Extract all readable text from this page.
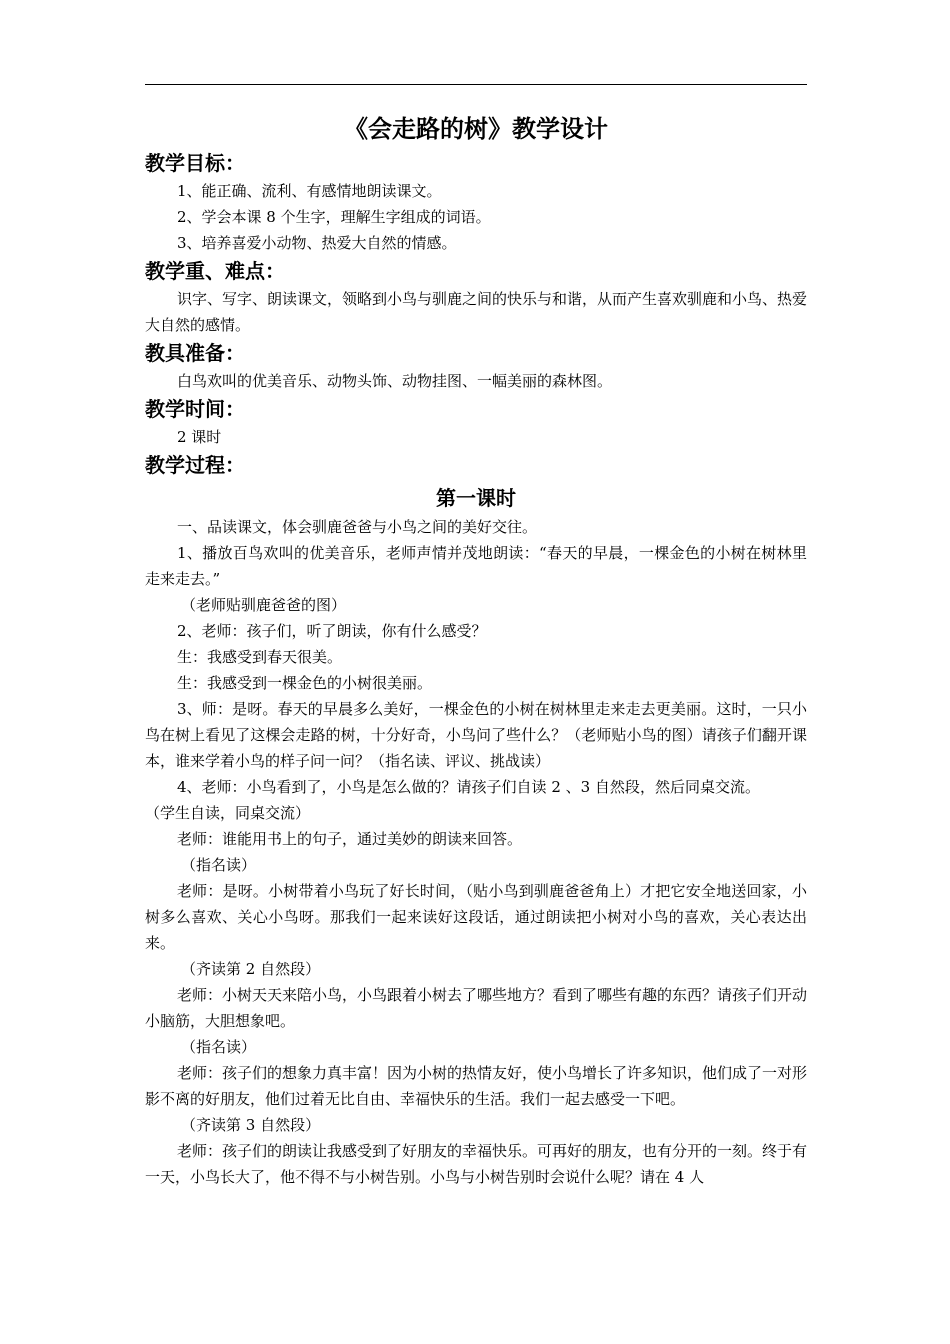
《会走路的树》教学设计
教学目标：

1、能正确、流利、有感情地朗读课文。

2、学会本课 8 个生字，理解生字组成的词语。

3、培养喜爱小动物、热爱大自然的情感。

教学重、难点：

识字、写字、朗读课文，领略到小鸟与驯鹿之间的快乐与和谐，从而产生喜欢驯鹿和小鸟、热爱大自然的感情。

教具准备：

白鸟欢叫的优美音乐、动物头饰、动物挂图、一幅美丽的森林图。

教学时间：

2 课时

教学过程：
第一课时

一、品读课文，体会驯鹿爸爸与小鸟之间的美好交往。

1、播放百鸟欢叫的优美音乐，老师声情并茂地朗读：“春天的早晨，一棵金色的小树在树林里走来走去。”

（老师贴驯鹿爸爸的图）

2、老师：孩子们，听了朗读，你有什么感受？

生：我感受到春天很美。

生：我感受到一棵金色的小树很美丽。

3、师：是呀。春天的早晨多么美好，一棵金色的小树在树林里走来走去更美丽。这时，一只小鸟在树上看见了这棵会走路的树，十分好奇，小鸟问了些什么？（老师贴小鸟的图）请孩子们翻开课本，谁来学着小鸟的样子问一问？（指名读、评议、挑战读）

4、老师：小鸟看到了，小鸟是怎么做的？请孩子们自读 2 、3 自然段，然后同桌交流。

（学生自读，同桌交流）

老师：谁能用书上的句子，通过美妙的朗读来回答。

（指名读）

老师：是呀。小树带着小鸟玩了好长时间，（贴小鸟到驯鹿爸爸角上）才把它安全地送回家，小树多么喜欢、关心小鸟呀。那我们一起来读好这段话，通过朗读把小树对小鸟的喜欢，关心表达出来。

（齐读第 2 自然段）

老师：小树天天来陪小鸟，小鸟跟着小树去了哪些地方？看到了哪些有趣的东西？请孩子们开动小脑筋，大胆想象吧。

（指名读）

老师：孩子们的想象力真丰富！因为小树的热情友好，使小鸟增长了许多知识，他们成了一对形影不离的好朋友，他们过着无比自由、幸福快乐的生活。我们一起去感受一下吧。

（齐读第 3 自然段）

老师：孩子们的朗读让我感受到了好朋友的幸福快乐。可再好的朋友，也有分开的一刻。终于有一天，小鸟长大了，他不得不与小树告别。小鸟与小树告别时会说什么呢？请在 4 人
